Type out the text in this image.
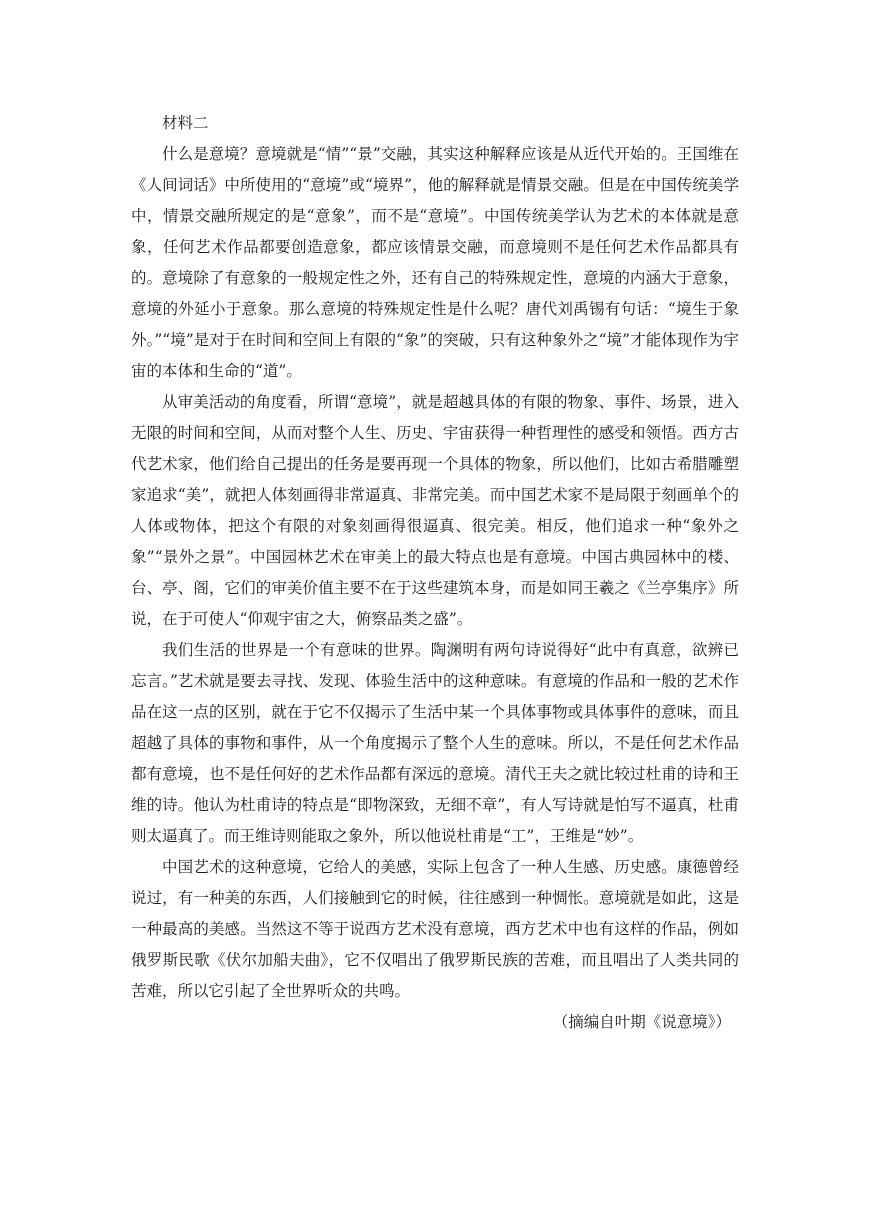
材料二

什么是意境？意境就是“情”“景”交融，其实这种解释应该是从近代开始的。王国维在《人间词话》中所使用的“意境”或“境界”，他的解释就是情景交融。但是在中国传统美学中，情景交融所规定的是“意象”，而不是“意境”。中国传统美学认为艺术的本体就是意象，任何艺术作品都要创造意象，都应该情景交融，而意境则不是任何艺术作品都具有的。意境除了有意象的一般规定性之外，还有自己的特殊规定性，意境的内涵大于意象，意境的外延小于意象。那么意境的特殊规定性是什么呢？唐代刘禹锡有句话：“境生于象外。”“境”是对于在时间和空间上有限的“象”的突破，只有这种象外之“境”才能体现作为宇宙的本体和生命的“道”。

从审美活动的角度看，所谓“意境”，就是超越具体的有限的物象、事件、场景，进入无限的时间和空间，从而对整个人生、历史、宇宙获得一种哲理性的感受和领悟。西方古代艺术家，他们给自己提出的任务是要再现一个具体的物象，所以他们，比如古希腊雕塑家追求“美”，就把人体刻画得非常逼真、非常完美。而中国艺术家不是局限于刻画单个的人体或物体，把这个有限的对象刻画得很逼真、很完美。相反，他们追求一种“象外之象”“景外之景”。中国园林艺术在审美上的最大特点也是有意境。中国古典园林中的楼、台、亭、阁，它们的审美价值主要不在于这些建筑本身，而是如同王羲之《兰亭集序》所说，在于可使人“仰观宇宙之大，俯察品类之盛”。

我们生活的世界是一个有意味的世界。陶渊明有两句诗说得好“此中有真意，欲辨已忘言。”艺术就是要去寻找、发现、体验生活中的这种意味。有意境的作品和一般的艺术作品在这一点的区别，就在于它不仅揭示了生活中某一个具体事物或具体事件的意味，而且超越了具体的事物和事件，从一个角度揭示了整个人生的意味。所以，不是任何艺术作品都有意境，也不是任何好的艺术作品都有深远的意境。清代王夫之就比较过杜甫的诗和王维的诗。他认为杜甫诗的特点是“即物深致，无细不章”，有人写诗就是怕写不逼真，杜甫则太逼真了。而王维诗则能取之象外，所以他说杜甫是“工”，王维是“妙”。

中国艺术的这种意境，它给人的美感，实际上包含了一种人生感、历史感。康德曾经说过，有一种美的东西，人们接触到它的时候，往往感到一种惆怅。意境就是如此，这是一种最高的美感。当然这不等于说西方艺术没有意境，西方艺术中也有这样的作品，例如俄罗斯民歌《伏尔加船夫曲》，它不仅唱出了俄罗斯民族的苦难，而且唱出了人类共同的苦难，所以它引起了全世界听众的共鸣。

（摘编自叶期《说意境》）
